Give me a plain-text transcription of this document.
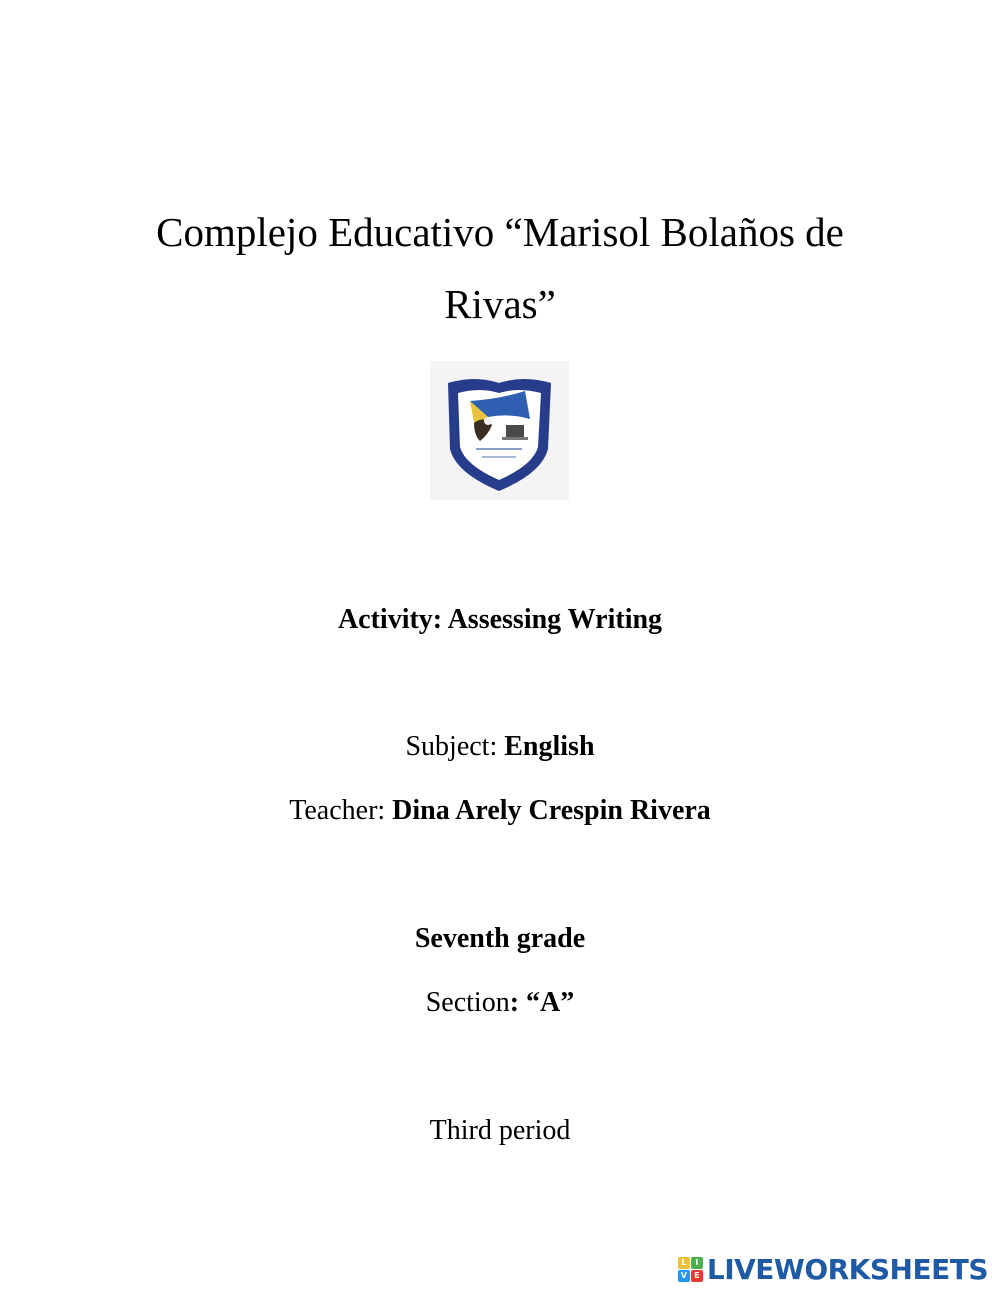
Complejo Educativo “Marisol Bolaños de
Rivas”

Activity: Assessing Writing

Subject: English

Teacher: Dina Arely Crespin Rivera

Seventh grade

Section: “A”

Third period

L	I
V E LIVEWORKSHEETS
